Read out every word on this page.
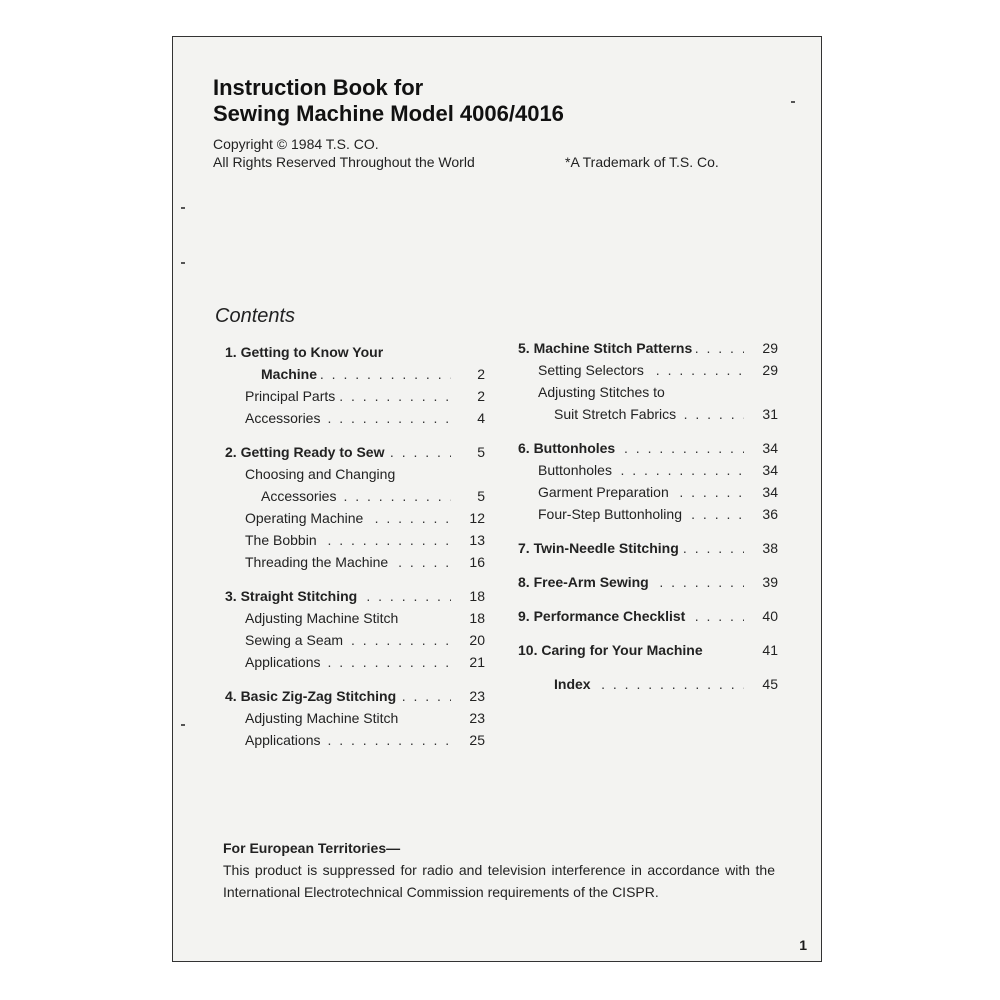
Instruction Book for
Sewing Machine Model 4006/4016
Copyright © 1984 T.S. CO.
All Rights Reserved Throughout the World	*A Trademark of T.S. Co.
Contents
1. Getting to Know Your
. . .
Machine	2
. . .
Principal Parts	2
. . .
Accessories	4
. . .
2. Getting Ready to Sew	5
Choosing and Changing
. . .
Accessories	5
. . .
Operating Machine	12
. . .
The Bobbin	13
. . .
Threading the Machine	16
. . .
3. Straight Stitching	18
Adjusting Machine Stitch	18
. . .
Sewing a Seam	20
. . .
Applications	21
. . .
4. Basic Zig-Zag Stitching	23
Adjusting Machine Stitch	23
. . .
Applications	25
. . .
5. Machine Stitch Patterns	29
. . .
Setting Selectors	29
Adjusting Stitches to
. . .
Suit Stretch Fabrics	31
. . .
6. Buttonholes	34
. . .
Buttonholes	34
. . .
Garment Preparation	34
. . .
Four-Step Buttonholing	36
. . .
7. Twin-Needle Stitching	38
. . .
8. Free-Arm Sewing	39
. . .
9. Performance Checklist	40
10. Caring for Your Machine	41
. . .
Index	45
For European Territories—
This product is suppressed for radio and television interference in accordance with the International Electrotechnical Commission requirements of the CISPR.
1
